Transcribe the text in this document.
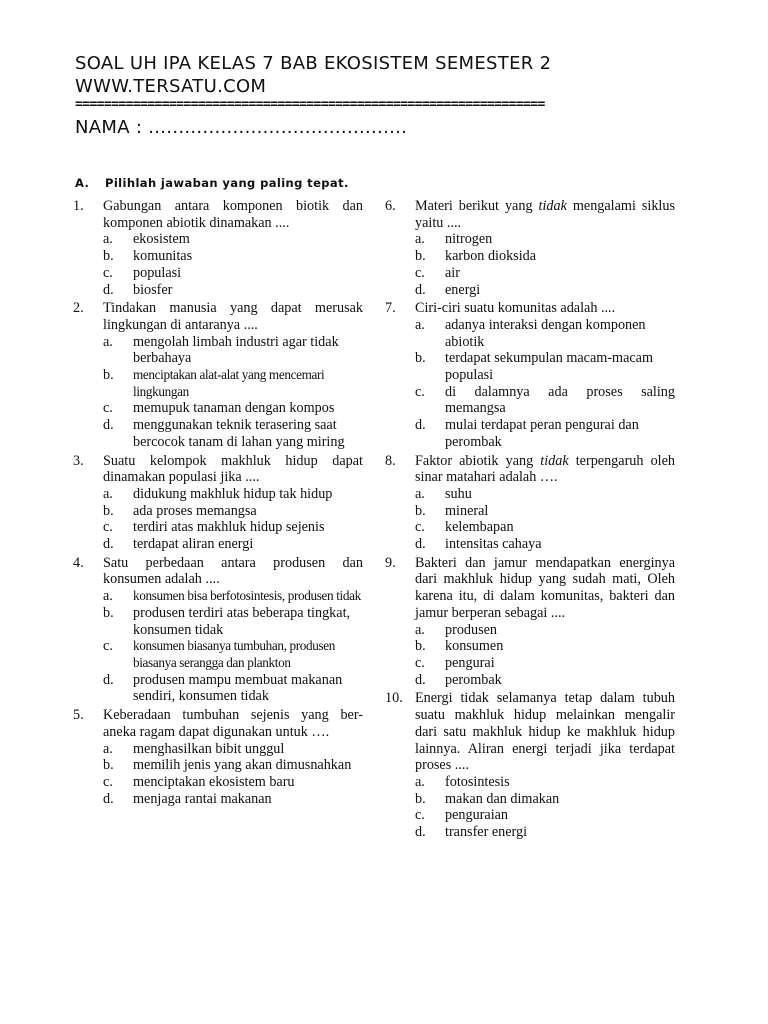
SOAL UH IPA KELAS 7 BAB EKOSISTEM SEMESTER 2
WWW.TERSATU.COM
=================================================================
NAMA : ...........................................
A. Pilihlah jawaban yang paling tepat.
1.	Gabungan antara komponen biotik dan komponen abiotik dinamakan ....
a.	ekosistem
b.	komunitas
c.	populasi
d.	biosfer
2.	Tindakan manusia yang dapat merusak lingkungan di antaranya ....
a.	mengolah limbah industri agar tidak berbahaya
b.	menciptakan alat-alat yang mencemari lingkungan
c.	memupuk tanaman dengan kompos
d.	menggunakan teknik terasering saat bercocok tanam di lahan yang miring
3.	Suatu kelompok makhluk hidup dapat dinamakan populasi jika ....
a.	didukung makhluk hidup tak hidup
b.	ada proses memangsa
c.	terdiri atas makhluk hidup sejenis
d.	terdapat aliran energi
4.	Satu perbedaan antara produsen dan konsumen adalah ....
a.	konsumen bisa berfotosintesis, produsen tidak
b.	produsen terdiri atas beberapa tingkat, konsumen tidak
c.	konsumen biasanya tumbuhan, produsen biasanya serangga dan plankton
d.	produsen mampu membuat makanan sendiri, konsumen tidak
5.	Keberadaan tumbuhan sejenis yang ber-aneka ragam dapat digunakan untuk ….
a.	menghasilkan bibit unggul
b.	memilih jenis yang akan dimusnahkan
c.	menciptakan ekosistem baru
d.	menjaga rantai makanan
6.	Materi berikut yang tidak mengalami siklus yaitu ....
a.	nitrogen
b.	karbon dioksida
c.	air
d.	energi
7.	Ciri-ciri suatu komunitas adalah ....
a.	adanya interaksi dengan komponen abiotik
b.	terdapat sekumpulan macam-macam populasi
c.	di dalamnya ada proses saling memangsa
d.	mulai terdapat peran pengurai dan perombak
8.	Faktor abiotik yang tidak terpengaruh oleh sinar matahari adalah ….
a.	suhu
b.	mineral
c.	kelembapan
d.	intensitas cahaya
9.	Bakteri dan jamur mendapatkan energinya dari makhluk hidup yang sudah mati, Oleh karena itu, di dalam komunitas, bakteri dan jamur berperan sebagai ....
a.	produsen
b.	konsumen
c.	pengurai
d.	perombak
10. Energi tidak selamanya tetap dalam tubuh suatu makhluk hidup melainkan mengalir dari satu makhluk hidup ke makhluk hidup lainnya. Aliran energi terjadi jika terdapat proses ....
a.	fotosintesis
b.	makan dan dimakan
c.	penguraian
d.	transfer energi
